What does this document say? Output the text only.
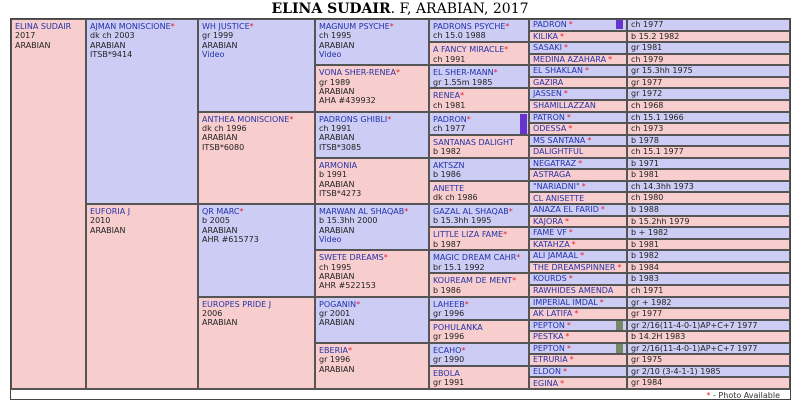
ELINA SUDAIR. F, ARABIAN, 2017
* - Photo Available
ELINA SUDAIR
2017
ARABIAN
AJMAN MONISCIONE*
dk ch 2003
ARABIAN
ITSB*9414
EUFORIA J
2010
ARABIAN
WH JUSTICE*
gr 1999
ARABIAN
Video
ANTHEA MONISCIONE*
dk ch 1996
ARABIAN
ITSB*6080
QR MARC*
b 2005
ARABIAN
AHR #615773
EUROPES PRIDE J
2006
ARABIAN
MAGNUM PSYCHE*
ch 1995
ARABIAN
Video
VONA SHER-RENEA*
gr 1989
ARABIAN
AHA #439932
PADRONS GHIBLI*
ch 1991
ARABIAN
ITSB*3085
ARMONIA
b 1991
ARABIAN
ITSB*4273
MARWAN AL SHAQAB*
b 15.3hh 2000
ARABIAN
Video
SWETE DREAMS*
ch 1995
ARABIAN
AHR #522153
POGANIN*
gr 2001
ARABIAN
EBERIA*
gr 1996
ARABIAN
PADRONS PSYCHE*
ch 15.0 1988
A FANCY MIRACLE*
ch 1991
EL SHER-MANN*
gr 1.55m 1985
RENEA*
ch 1981
PADRON*
ch 1977
SANTANAS DALIGHT
b 1982
AKTSZN
b 1986
ANETTE
dk ch 1986
GAZAL AL SHAQAB*
b 15.3hh 1995
LITTLE LIZA FAME*
b 1987
MAGIC DREAM CAHR*
br 15.1 1992
KOUREAM DE MENT*
b 1986
LAHEEB*
gr 1996
POHULANKA
gr 1996
ECAHO*
gr 1990
EBOLA
gr 1991
PADRON *	ch 1977
KILIKA *	b 15.2 1982
SASAKI *	gr 1981
MEDINA AZAHARA *	ch 1979
EL SHAKLAN *	gr 15.3hh 1975
GAZIRA	gr 1977
JASSEN *	gr 1972
SHAMILLAZZAN	ch 1968
PATRON *	ch 15.1 1966
ODESSA *	ch 1973
MS SANTANA *	b 1978
DALIGHTFUL	ch 15.1 1977
NEGATRAZ *	b 1971
ASTRAGA	b 1981
"NARIADNI" *	ch 14.3hh 1973
CL ANISETTE	ch 1980
ANAZA EL FARID *	b 1988
KAJORA *	b 15.2hh 1979
FAME VF *	b + 1982
KATAHZA *	b 1981
ALI JAMAAL *	b 1982
THE DREAMSPINNER *	b 1984
KOURDS *	b 1983
RAWHIDES AMENDA	ch 1971
IMPERIAL IMDAL *	gr + 1982
AK LATIFA *	gr 1977
PEPTON *	gr 2/16(11-4-0-1)AP+C+7 1977
PESTKA *	b 14.2H 1983
PEPTON *	gr 2/16(11-4-0-1)AP+C+7 1977
ETRURIA *	gr 1975
ELDON *	gr 2/10 (3-4-1-1) 1985
EGINA *	gr 1984
